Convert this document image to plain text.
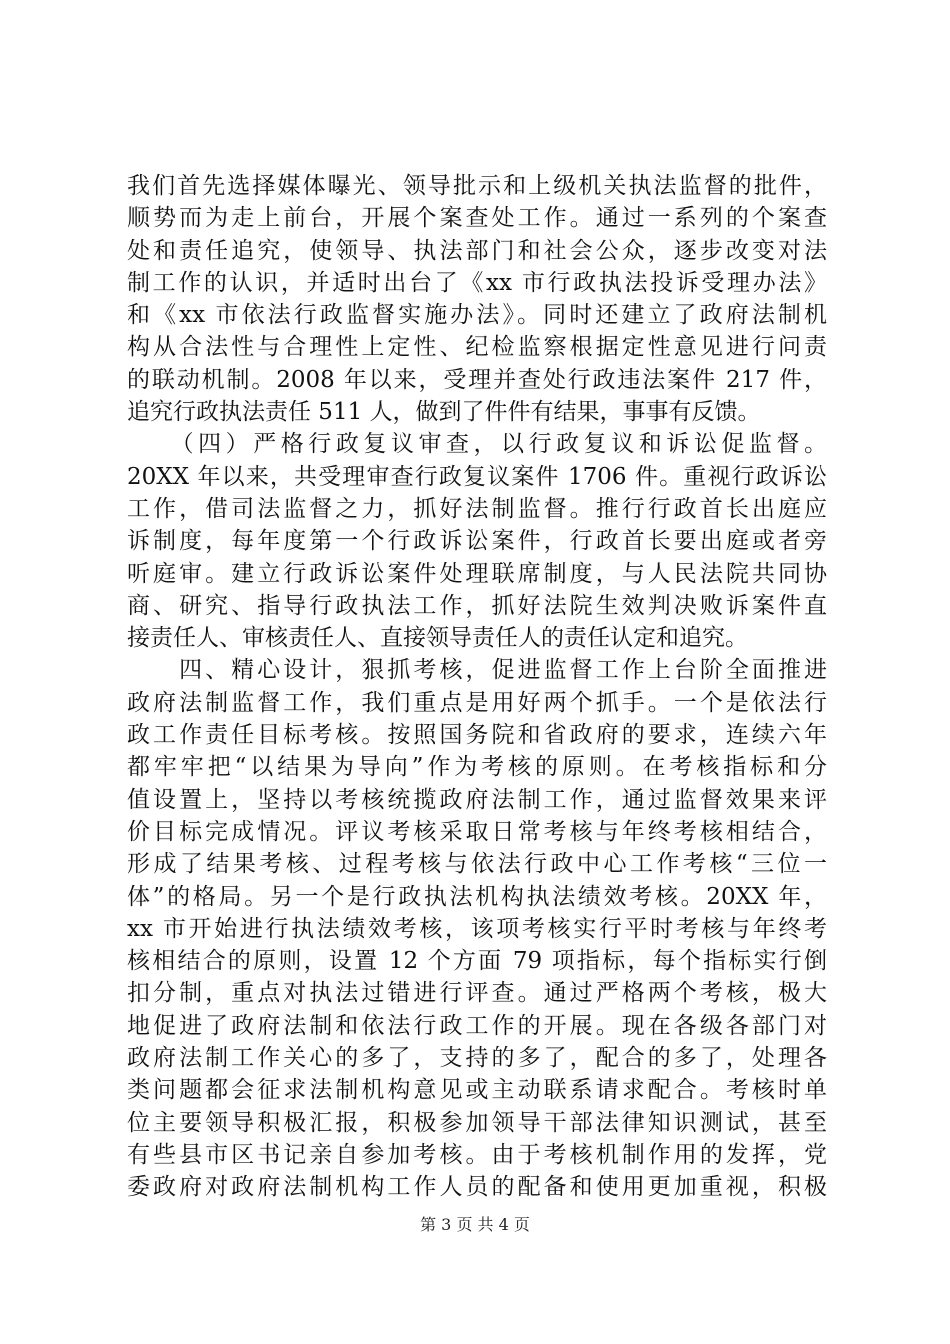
我们首先选择媒体曝光、领导批示和上级机关执法监督的批件，
顺势而为走上前台，开展个案查处工作。通过一系列的个案查
处和责任追究，使领导、执法部门和社会公众，逐步改变对法
制工作的认识，并适时出台了《xx 市行政执法投诉受理办法》
和《xx 市依法行政监督实施办法》。同时还建立了政府法制机
构从合法性与合理性上定性、纪检监察根据定性意见进行问责
的联动机制。2008 年以来，受理并查处行政违法案件 217 件，
追究行政执法责任 511 人，做到了件件有结果，事事有反馈。
　　（四）严格行政复议审查，以行政复议和诉讼促监督。
20XX 年以来，共受理审查行政复议案件 1706 件。重视行政诉讼
工作，借司法监督之力，抓好法制监督。推行行政首长出庭应
诉制度，每年度第一个行政诉讼案件，行政首长要出庭或者旁
听庭审。建立行政诉讼案件处理联席制度，与人民法院共同协
商、研究、指导行政执法工作，抓好法院生效判决败诉案件直
接责任人、审核责任人、直接领导责任人的责任认定和追究。
　　四、精心设计，狠抓考核，促进监督工作上台阶全面推进
政府法制监督工作，我们重点是用好两个抓手。一个是依法行
政工作责任目标考核。按照国务院和省政府的要求，连续六年
都牢牢把“以结果为导向”作为考核的原则。在考核指标和分
值设置上，坚持以考核统揽政府法制工作，通过监督效果来评
价目标完成情况。评议考核采取日常考核与年终考核相结合，
形成了结果考核、过程考核与依法行政中心工作考核“三位一
体”的格局。另一个是行政执法机构执法绩效考核。20XX 年，
xx 市开始进行执法绩效考核，该项考核实行平时考核与年终考
核相结合的原则，设置 12 个方面 79 项指标，每个指标实行倒
扣分制，重点对执法过错进行评查。通过严格两个考核，极大
地促进了政府法制和依法行政工作的开展。现在各级各部门对
政府法制工作关心的多了，支持的多了，配合的多了，处理各
类问题都会征求法制机构意见或主动联系请求配合。考核时单
位主要领导积极汇报，积极参加领导干部法律知识测试，甚至
有些县市区书记亲自参加考核。由于考核机制作用的发挥，党
委政府对政府法制机构工作人员的配备和使用更加重视，积极
第 3 页 共 4 页
